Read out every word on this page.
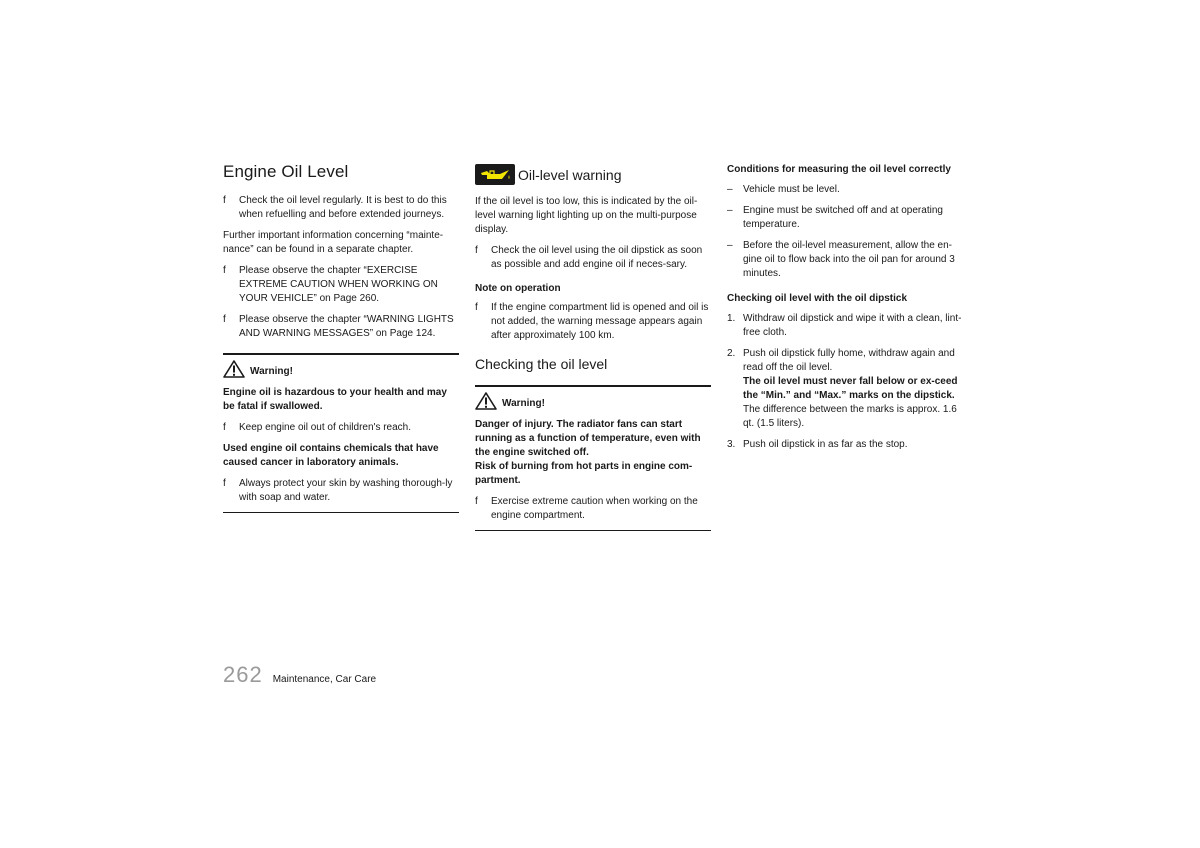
Engine Oil Level
f	Check the oil level regularly. It is best to do this when refuelling and before extended journeys.

Further important information concerning “mainte-nance” can be found in a separate chapter.

f	Please observe the chapter “EXERCISE EXTREME CAUTION WHEN WORKING ON YOUR VEHICLE” on Page 260.
f	Please observe the chapter “WARNING LIGHTS AND WARNING MESSAGES” on Page 124.
Warning!

Engine oil is hazardous to your health and may be fatal if swallowed.

f	Keep engine oil out of children's reach.

Used engine oil contains chemicals that have caused cancer in laboratory animals.

f	Always protect your skin by washing thorough-ly with soap and water.
Oil-level warning

If the oil level is too low, this is indicated by the oil-level warning light lighting up on the multi-purpose display.

f	Check the oil level using the oil dipstick as soon as possible and add engine oil if neces-sary.

Note on operation

f	If the engine compartment lid is opened and oil is not added, the warning message appears again after approximately 100 km.
Checking the oil level
Warning!

Danger of injury. The radiator fans can start running as a function of temperature, even with the engine switched off.

Risk of burning from hot parts in engine com-partment.

f	Exercise extreme caution when working on the engine compartment.

Conditions for measuring the oil level correctly

–	Vehicle must be level.
–	Engine must be switched off and at operating temperature.
–	Before the oil-level measurement, allow the en-gine oil to flow back into the oil pan for around 3 minutes.

Checking oil level with the oil dipstick

1. Withdraw oil dipstick and wipe it with a clean, lint-free cloth.
2. Push oil dipstick fully home, withdraw again and read off the oil level.
The oil level must never fall below or ex-ceed the “Min.” and “Max.” marks on the dipstick.
The difference between the marks is approx. 1.6 qt. (1.5 liters).
3. Push oil dipstick in as far as the stop.
262 Maintenance, Car Care
